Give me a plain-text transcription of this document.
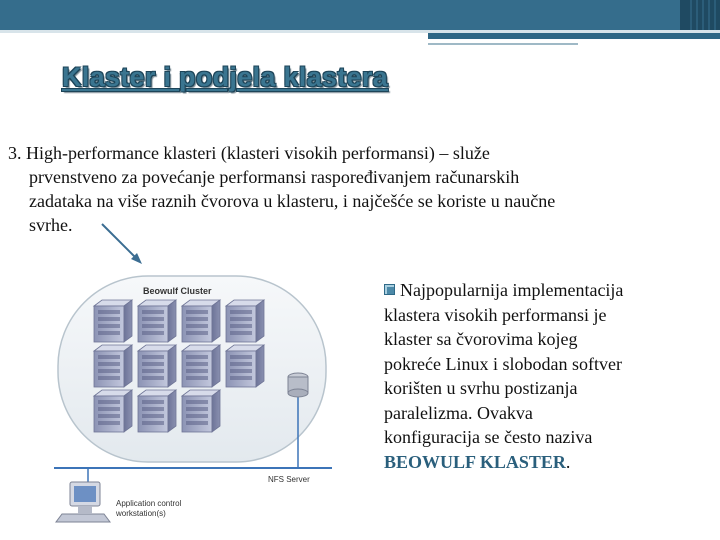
Klaster i podjela klastera
3. High-performance klasteri (klasteri visokih performansi) – služe
prvenstveno za povećanje performansi raspoređivanjem računarskih
zadataka na više raznih čvorova u klasteru, i najčešće se koriste u naučne
svrhe.
Beowulf Cluster
NFS Server
Application control
workstation(s)
Najpopularnija implementacija
klastera visokih performansi je
klaster sa čvorovima kojeg
pokreće Linux i slobodan softver
korišten u svrhu postizanja
paralelizma. Ovakva
konfiguracija se često naziva
BEOWULF KLASTER.
